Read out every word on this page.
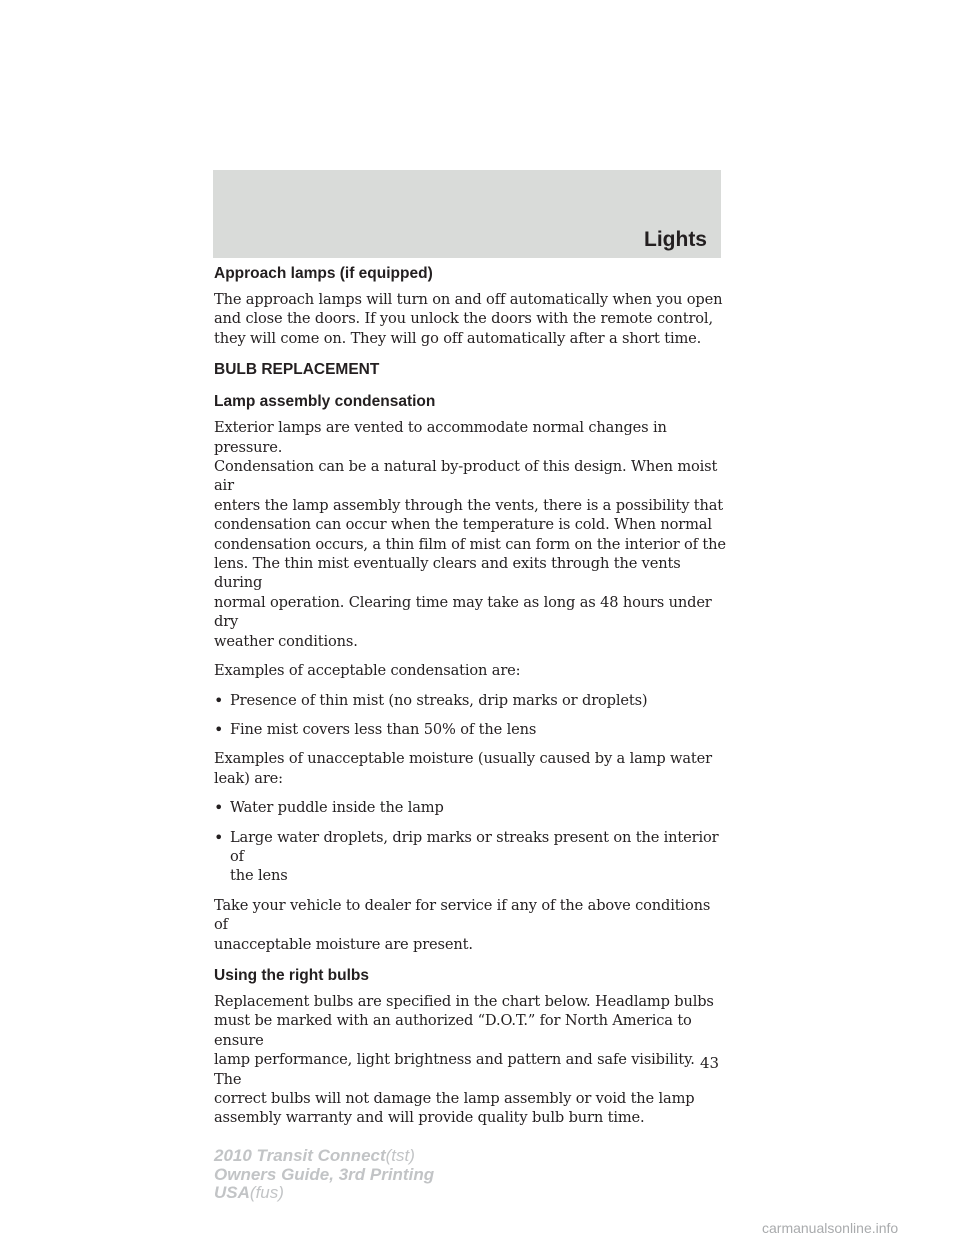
Lights
Approach lamps (if equipped)

The approach lamps will turn on and off automatically when you open
and close the doors. If you unlock the doors with the remote control,
they will come on. They will go off automatically after a short time.

BULB REPLACEMENT
Lamp assembly condensation

Exterior lamps are vented to accommodate normal changes in pressure.
Condensation can be a natural by-product of this design. When moist air
enters the lamp assembly through the vents, there is a possibility that
condensation can occur when the temperature is cold. When normal
condensation occurs, a thin film of mist can form on the interior of the
lens. The thin mist eventually clears and exits through the vents during
normal operation. Clearing time may take as long as 48 hours under dry
weather conditions.

Examples of acceptable condensation are:

• Presence of thin mist (no streaks, drip marks or droplets)

• Fine mist covers less than 50% of the lens

Examples of unacceptable moisture (usually caused by a lamp water
leak) are:

• Water puddle inside the lamp

• Large water droplets, drip marks or streaks present on the interior of
the lens

Take your vehicle to dealer for service if any of the above conditions of
unacceptable moisture are present.

Using the right bulbs

Replacement bulbs are specified in the chart below. Headlamp bulbs
must be marked with an authorized “D.O.T.” for North America to ensure
lamp performance, light brightness and pattern and safe visibility. The
correct bulbs will not damage the lamp assembly or void the lamp
assembly warranty and will provide quality bulb burn time.

43
2010 Transit Connect(tst)
Owners Guide, 3rd Printing
USA(fus)
carmanualsonline.info
